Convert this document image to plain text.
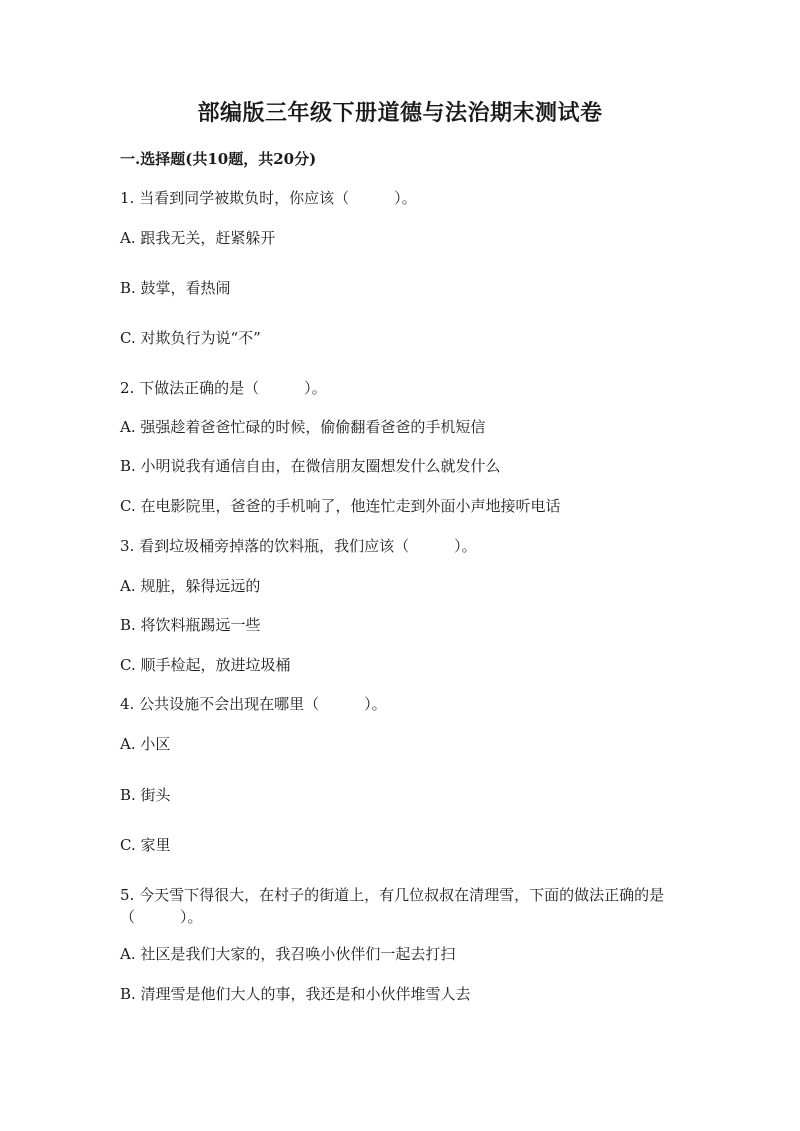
部编版三年级下册道德与法治期末测试卷
一.选择题(共10题，共20分)

1. 当看到同学被欺负时，你应该（　　　）。

A. 跟我无关，赶紧躲开

B. 鼓掌，看热闹

C. 对欺负行为说“不”

2. 下做法正确的是（　　　）。

A. 强强趁着爸爸忙碌的时候，偷偷翻看爸爸的手机短信

B. 小明说我有通信自由，在微信朋友圈想发什么就发什么

C. 在电影院里，爸爸的手机响了，他连忙走到外面小声地接听电话

3. 看到垃圾桶旁掉落的饮料瓶，我们应该（　　　）。

A. 规脏，躲得远远的

B. 将饮料瓶踢远一些

C. 顺手检起，放进垃圾桶

4. 公共设施不会出现在哪里（　　　）。

A. 小区

B. 街头

C. 家里

5. 今天雪下得很大，在村子的街道上，有几位叔叔在清理雪，下面的做法正确的是（　　　）。

A. 社区是我们大家的，我召唤小伙伴们一起去打扫

B. 清理雪是他们大人的事，我还是和小伙伴堆雪人去
